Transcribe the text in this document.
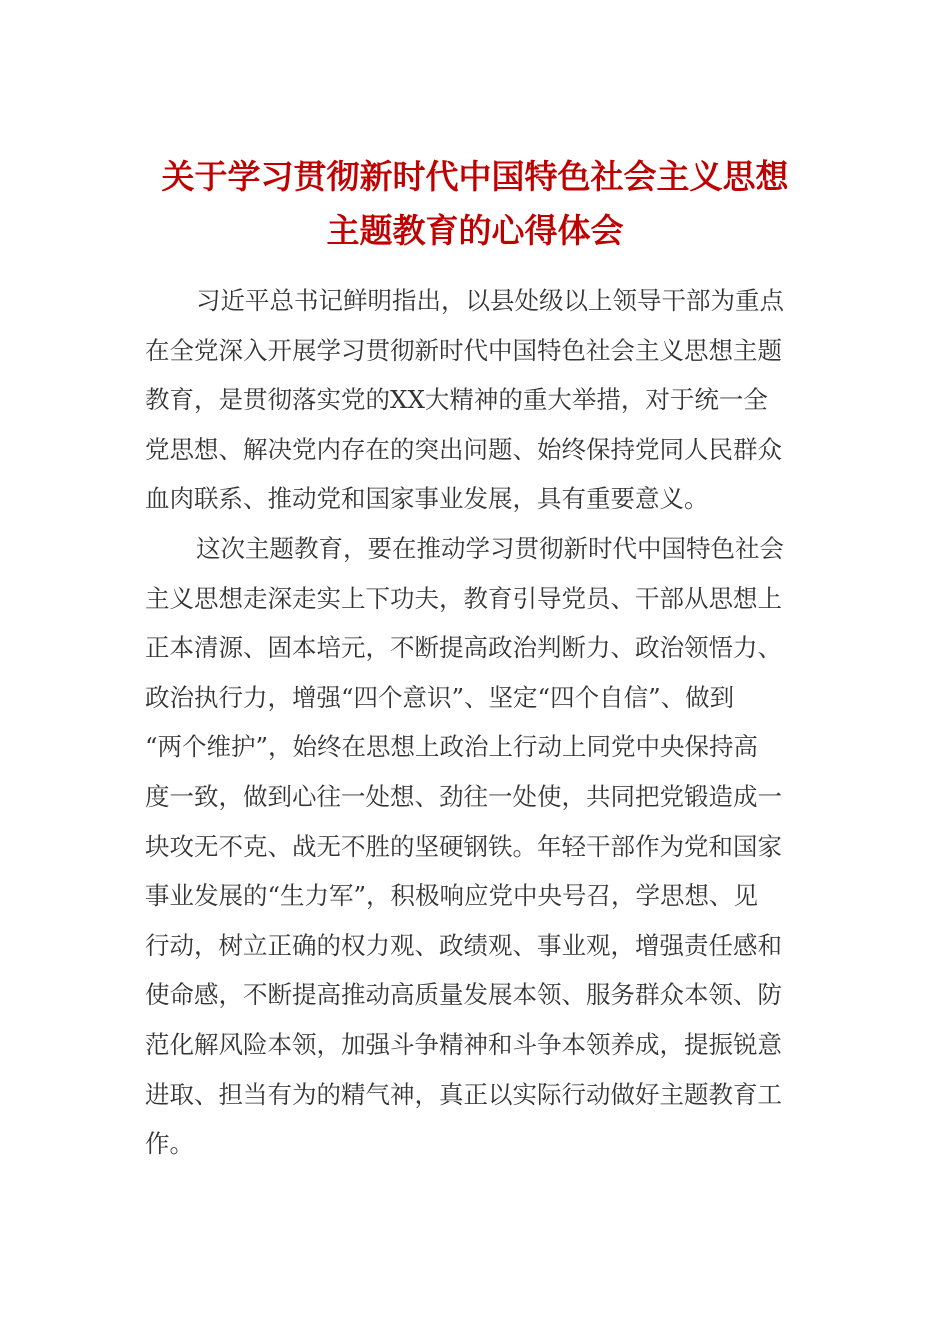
关于学习贯彻新时代中国特色社会主义思想
主题教育的心得体会
习近平总书记鲜明指出，以县处级以上领导干部为重点
在全党深入开展学习贯彻新时代中国特色社会主义思想主题
教育，是贯彻落实党的XX大精神的重大举措，对于统一全
党思想、解决党内存在的突出问题、始终保持党同人民群众
血肉联系、推动党和国家事业发展，具有重要意义。
这次主题教育，要在推动学习贯彻新时代中国特色社会
主义思想走深走实上下功夫，教育引导党员、干部从思想上
正本清源、固本培元，不断提高政治判断力、政治领悟力、
政治执行力，增强“四个意识”、坚定“四个自信”、做到
“两个维护”，始终在思想上政治上行动上同党中央保持高
度一致，做到心往一处想、劲往一处使，共同把党锻造成一
块攻无不克、战无不胜的坚硬钢铁。年轻干部作为党和国家
事业发展的“生力军”，积极响应党中央号召，学思想、见
行动，树立正确的权力观、政绩观、事业观，增强责任感和
使命感，不断提高推动高质量发展本领、服务群众本领、防
范化解风险本领，加强斗争精神和斗争本领养成，提振锐意
进取、担当有为的精气神，真正以实际行动做好主题教育工
作。
